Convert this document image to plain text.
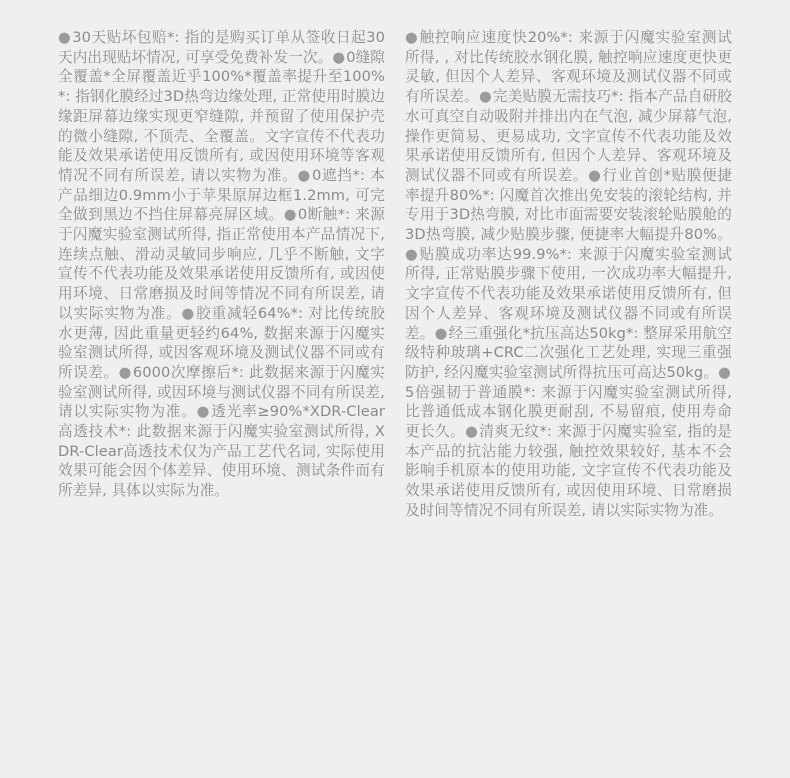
● 30天贴坏包赔*: 指的是购买订单从签收日起30天内出现贴坏情况, 可享受免费补发一次。 ● 0缝隙全覆盖*全屏覆盖近乎100%*覆盖率提升至100%*: 指钢化膜经过3D热弯边缘处理, 正常使用时膜边缘距屏幕边缘实现更窄缝隙, 并预留了使用保护壳的微小缝隙, 不顶壳、全覆盖。文字宣传不代表功能及效果承诺使用反馈所有, 或因使用环境等客观情况不同有所误差, 请以实物为准。 ● 0遮挡*: 本产品细边0.9mm小于苹果原屏边框1.2mm, 可完全做到黑边不挡住屏幕亮屏区域。 ● 0断触*: 来源于闪魔实验室测试所得, 指正常使用本产品情况下, 连续点触、滑动灵敏同步响应, 几乎不断触, 文字宣传不代表功能及效果承诺使用反馈所有, 或因使用环境、日常磨损及时间等情况不同有所误差, 请以实际实物为准。 ● 胶重减轻64%*: 对比传统胶水更薄, 因此重量更轻约64%, 数据来源于闪魔实验室测试所得, 或因客观环境及测试仪器不同或有所误差。 ● 6000次摩擦后*: 此数据来源于闪魔实验室测试所得, 或因环境与测试仪器不同有所误差, 请以实际实物为准。 ● 透光率≥90%*XDR-Clear高透技术*: 此数据来源于闪魔实验室测试所得, XDR-Clear高透技术仅为产品工艺代名词, 实际使用效果可能会因个体差异、使用环境、测试条件而有所差异, 具体以实际为准。
● 触控响应速度快20%*: 来源于闪魔实验室测试所得, , 对比传统胶水钢化膜, 触控响应速度更快更灵敏, 但因个人差异、客观环境及测试仪器不同或有所误差。 ● 完美贴膜无需技巧*: 指本产品自研胶水可真空自动吸附并排出内在气泡, 减少屏幕气泡, 操作更简易、更易成功, 文字宣传不代表功能及效果承诺使用反馈所有, 但因个人差异、客观环境及测试仪器不同或有所误差。 ● 行业首创*贴膜便捷率提升80%*: 闪魔首次推出免安装的滚轮结构, 并专用于3D热弯膜, 对比市面需要安装滚轮贴膜舱的3D热弯膜, 减少贴膜步骤, 便捷率大幅提升80%。● 贴膜成功率达99.9%*: 来源于闪魔实验室测试所得, 正常贴膜步骤下使用, 一次成功率大幅提升, 文字宣传不代表功能及效果承诺使用反馈所有, 但因个人差异、客观环境及测试仪器不同或有所误差。 ● 经三重强化*抗压高达50kg*: 整屏采用航空级特种玻璃+CRC二次强化工艺处理, 实现三重强防护, 经闪魔实验室测试所得抗压可高达50kg。● 5倍强韧于普通膜*: 来源于闪魔实验室测试所得, 比普通低成本钢化膜更耐刮, 不易留痕, 使用寿命更长久。 ● 清爽无纹*: 来源于闪魔实验室, 指的是本产品的抗沾能力较强, 触控效果较好, 基本不会影响手机原本的使用功能, 文字宣传不代表功能及效果承诺使用反馈所有, 或因使用环境、日常磨损及时间等情况不同有所误差, 请以实际实物为准。
